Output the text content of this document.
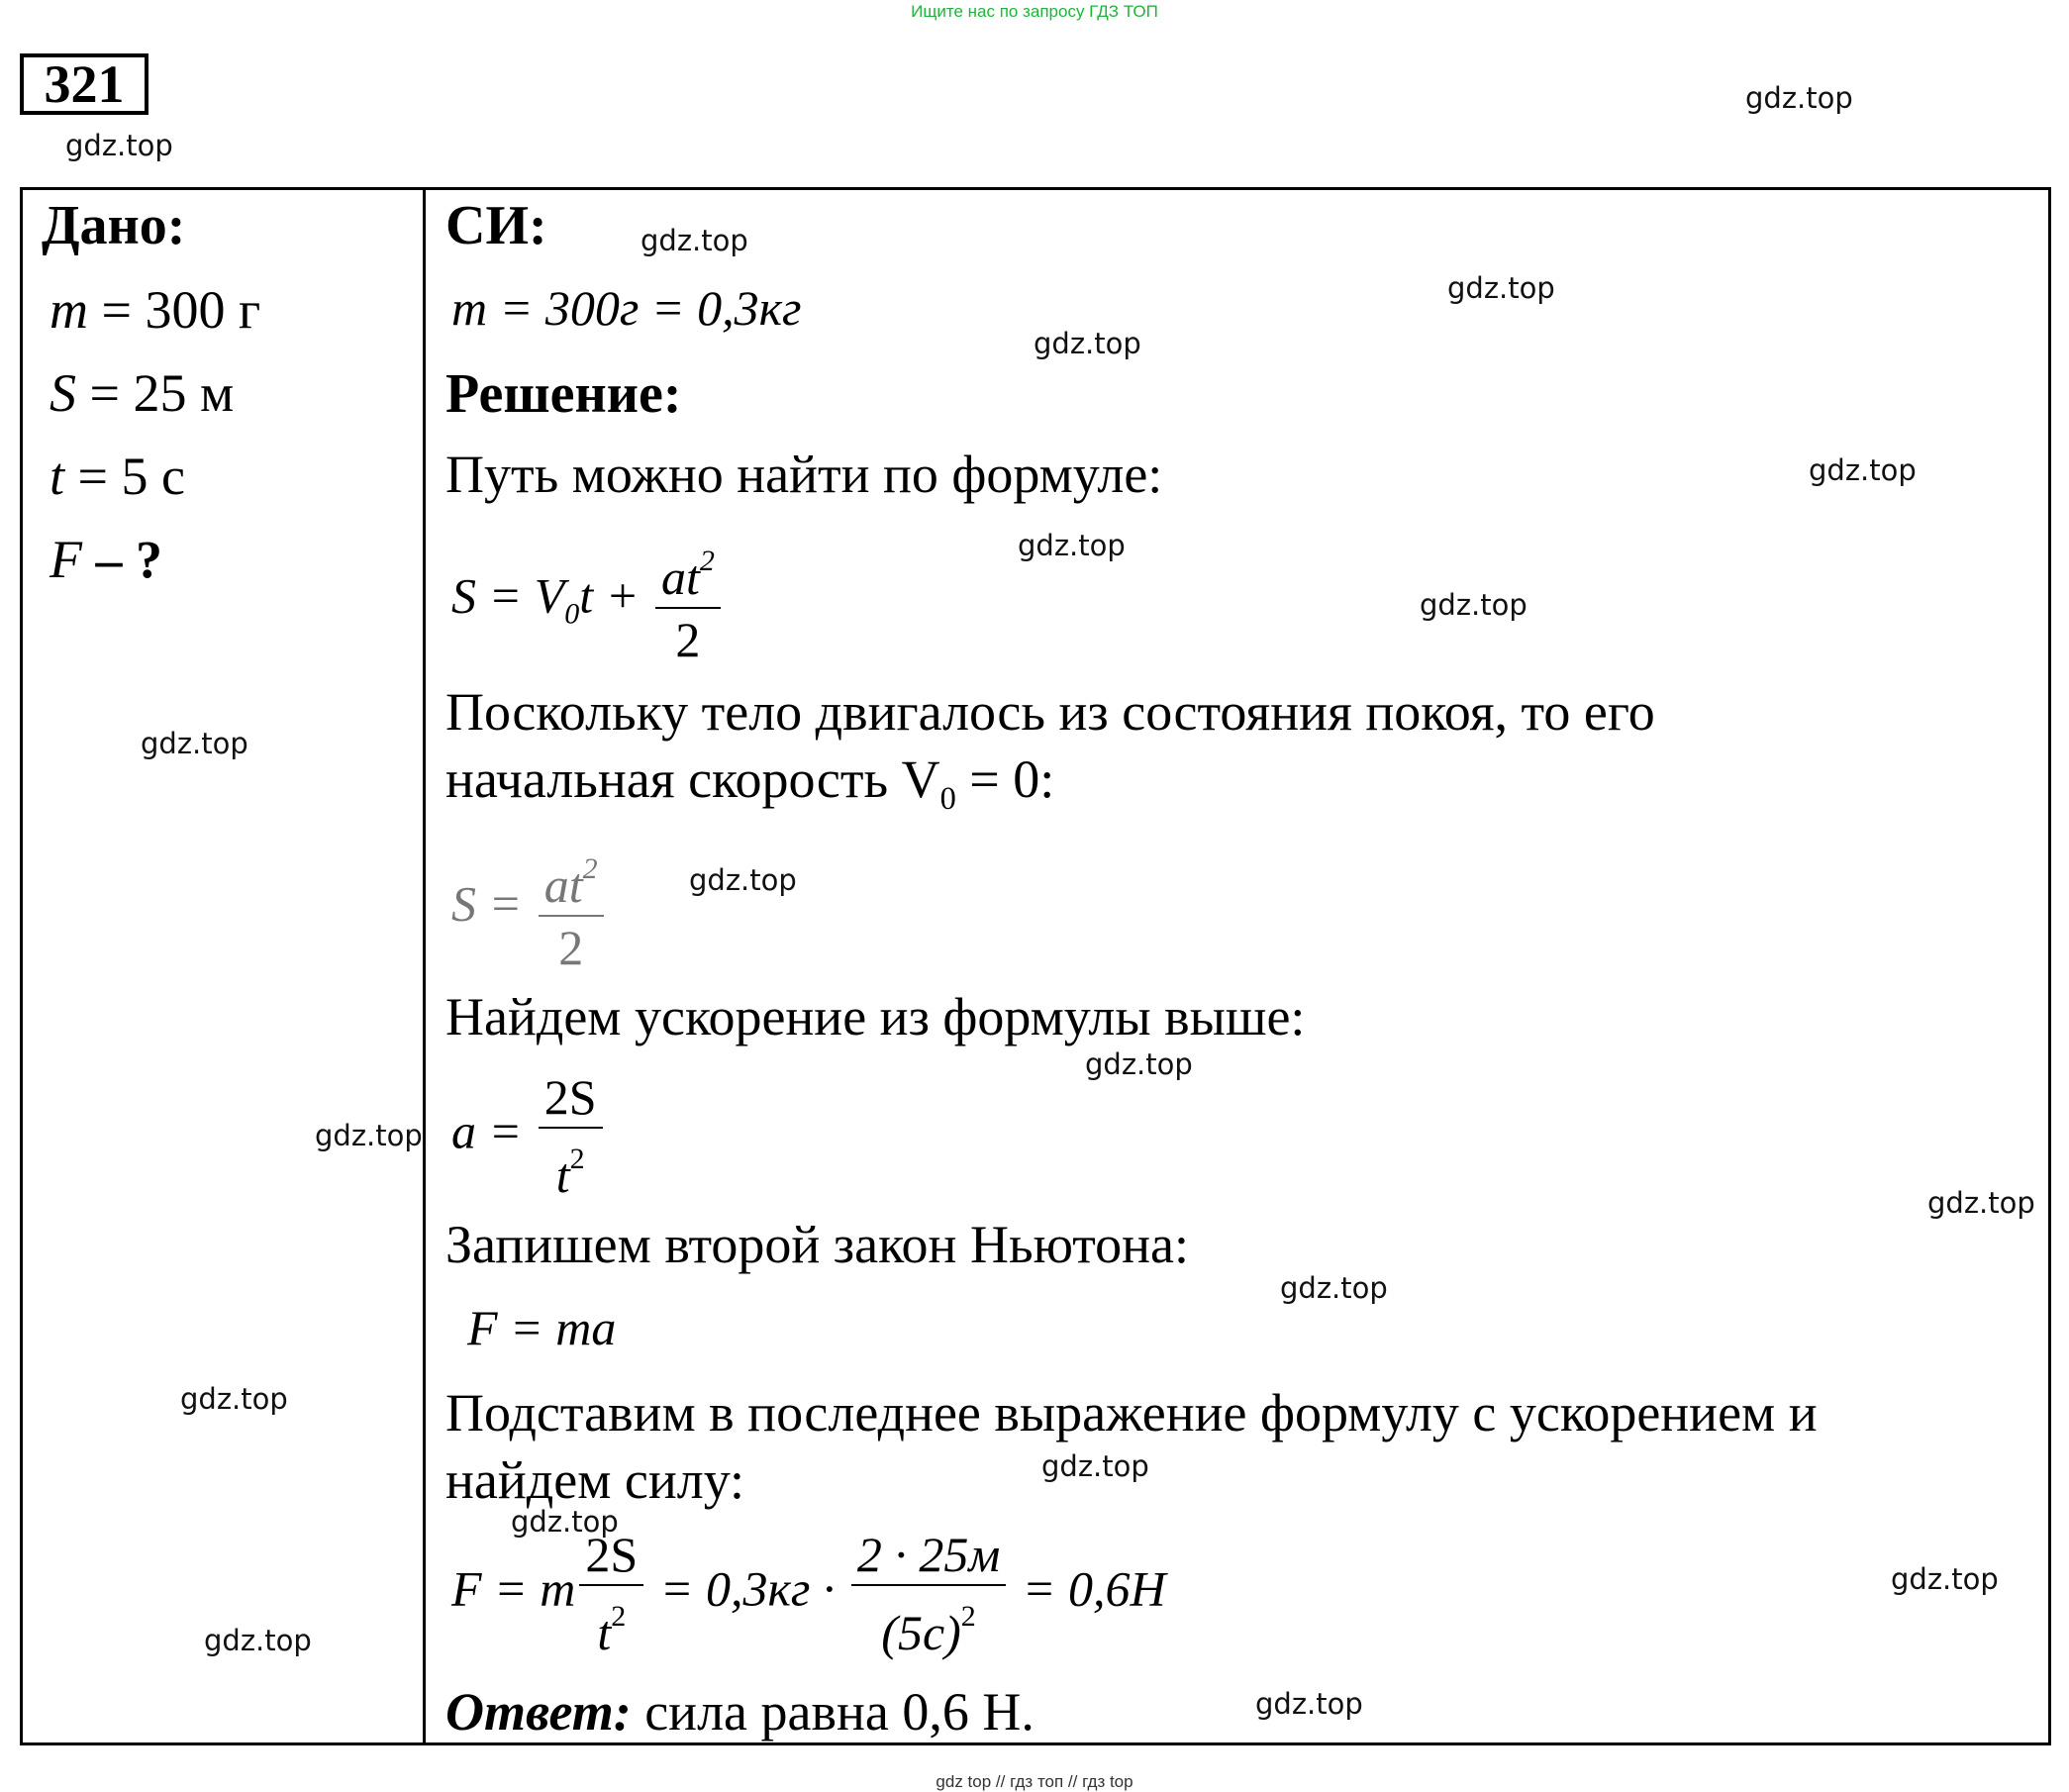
Ищите нас по запросу ГДЗ ТОП
321
Дано:
m = 300 г
S = 25 м
t = 5 с
F – ?
СИ:
m = 300г = 0,3кг
Решение:
Путь можно найти по формуле:
$S = V_0t + \frac{at^2}{2}$
Поскольку тело двигалось из состояния покоя, то его
начальная скорость $V_0 = 0$:
$S = \frac{at^2}{2}$
Найдем ускорение из формулы выше:
$a = \frac{2S}{t^2}$
Запишем второй закон Ньютона:
F = ma
Подставим в последнее выражение формулу с ускорением и
найдем силу:
F = m $\frac{2S}{t^2} = 0,3кг \cdot \frac{2 \cdot 25м}{(5с)^2} = 0,6Н$
Ответ: сила равна 0,6 Н.
gdz.top
gdz.top
gdz.top
gdz.top
gdz.top
gdz.top
gdz.top
gdz.top
gdz.top
gdz.top
gdz.top
gdz.top
gdz.top
gdz.top
gdz.top
gdz.top
gdz.top
gdz.top
gdz.top
gdz.top
gdz top // гдз топ // гдз top
